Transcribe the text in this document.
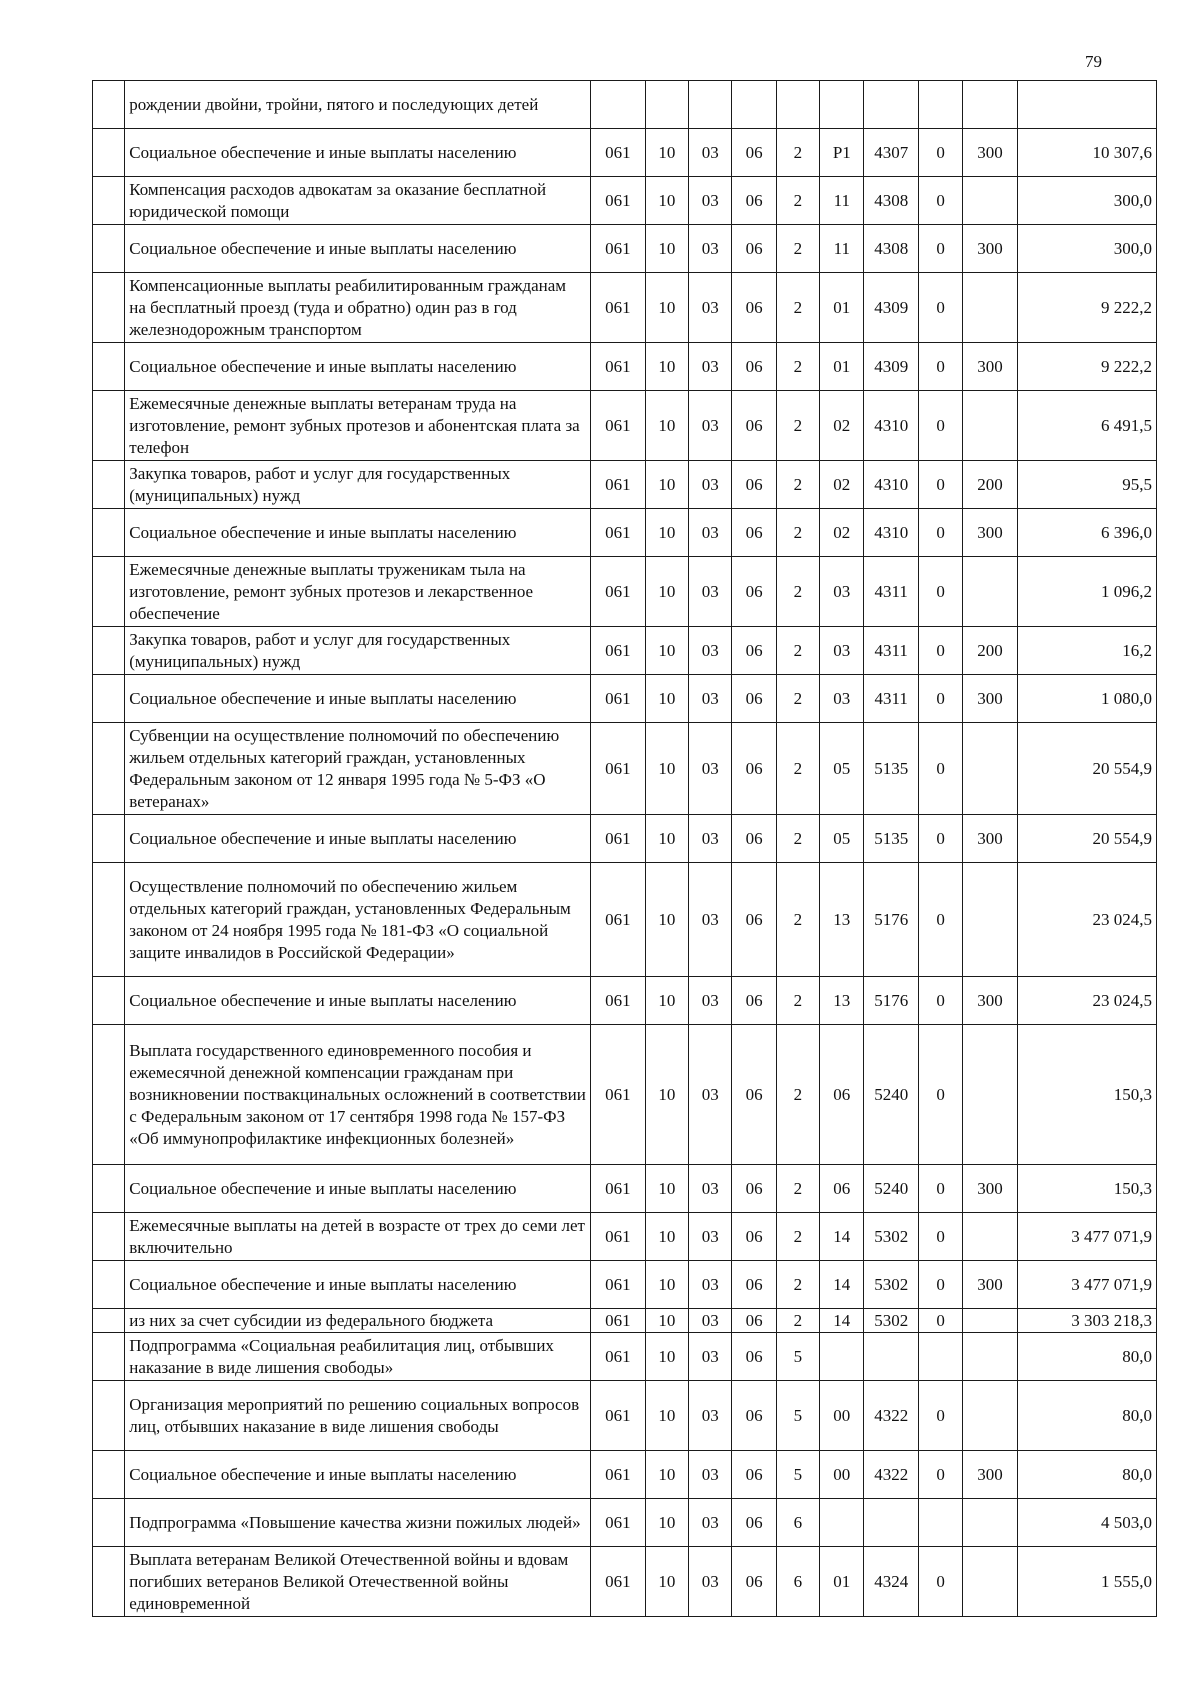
79
	рождении двойни, тройни, пятого и последующих детей										
	Социальное обеспечение и иные выплаты населению	061	10	03	06	2	P1	4307	0	300	10 307,6
	Компенсация расходов адвокатам за оказание бесплатной юридической помощи	061	10	03	06	2	11	4308	0		300,0
	Социальное обеспечение и иные выплаты населению	061	10	03	06	2	11	4308	0	300	300,0
	Компенсационные выплаты реабилитированным гражданам на бесплатный проезд (туда и обратно) один раз в год железнодорожным транспортом	061	10	03	06	2	01	4309	0		9 222,2
	Социальное обеспечение и иные выплаты населению	061	10	03	06	2	01	4309	0	300	9 222,2
	Ежемесячные денежные выплаты ветеранам труда на изготовление, ремонт зубных протезов и абонентская плата за телефон	061	10	03	06	2	02	4310	0		6 491,5
	Закупка товаров, работ и услуг для государственных (муниципальных) нужд	061	10	03	06	2	02	4310	0	200	95,5
	Социальное обеспечение и иные выплаты населению	061	10	03	06	2	02	4310	0	300	6 396,0
	Ежемесячные денежные выплаты труженикам тыла на изготовление, ремонт зубных протезов и лекарственное обеспечение	061	10	03	06	2	03	4311	0		1 096,2
	Закупка товаров, работ и услуг для государственных (муниципальных) нужд	061	10	03	06	2	03	4311	0	200	16,2
	Социальное обеспечение и иные выплаты населению	061	10	03	06	2	03	4311	0	300	1 080,0
	Субвенции на осуществление полномочий по обеспечению жильем отдельных категорий граждан, установленных Федеральным законом от 12 января 1995 года № 5-ФЗ «О ветеранах»	061	10	03	06	2	05	5135	0		20 554,9
	Социальное обеспечение и иные выплаты населению	061	10	03	06	2	05	5135	0	300	20 554,9
	Осуществление полномочий по обеспечению жильем отдельных категорий граждан, установленных Федеральным законом от 24 ноября 1995 года № 181-ФЗ «О социальной защите инвалидов в Российской Федерации»	061	10	03	06	2	13	5176	0		23 024,5
	Социальное обеспечение и иные выплаты населению	061	10	03	06	2	13	5176	0	300	23 024,5
	Выплата государственного единовременного пособия и ежемесячной денежной компенсации гражданам при возникновении поствакцинальных осложнений в соответствии с Федеральным законом от 17 сентября 1998 года № 157-ФЗ «Об иммунопрофилактике инфекционных болезней»	061	10	03	06	2	06	5240	0		150,3
	Социальное обеспечение и иные выплаты населению	061	10	03	06	2	06	5240	0	300	150,3
	Ежемесячные выплаты на детей в возрасте от трех до семи лет включительно	061	10	03	06	2	14	5302	0		3 477 071,9
	Социальное обеспечение и иные выплаты населению	061	10	03	06	2	14	5302	0	300	3 477 071,9
	из них за счет субсидии из федерального бюджета	061	10	03	06	2	14	5302	0		3 303 218,3
	Подпрограмма «Социальная реабилитация лиц, отбывших наказание в виде лишения свободы»	061	10	03	06	5					80,0
	Организация мероприятий по решению социальных вопросов лиц, отбывших наказание в виде лишения свободы	061	10	03	06	5	00	4322	0		80,0
	Социальное обеспечение и иные выплаты населению	061	10	03	06	5	00	4322	0	300	80,0
	Подпрограмма «Повышение качества жизни пожилых людей»	061	10	03	06	6					4 503,0
	Выплата ветеранам Великой Отечественной войны и вдовам погибших ветеранов Великой Отечественной войны единовременной	061	10	03	06	6	01	4324	0		1 555,0
